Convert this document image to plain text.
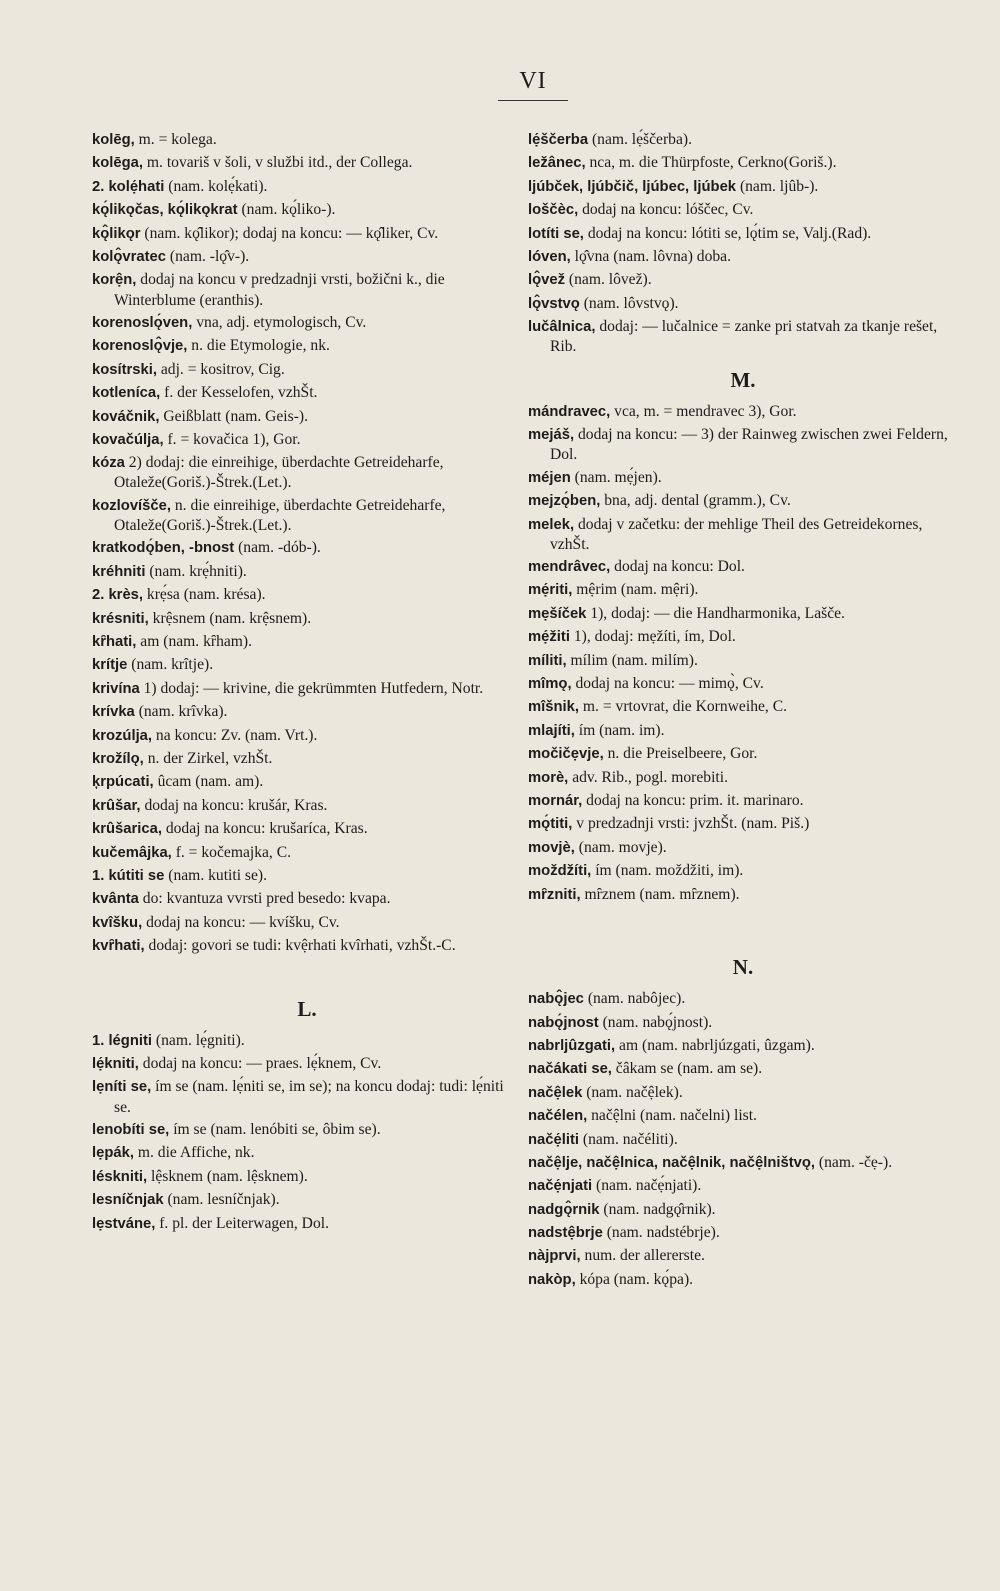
VI
kolēg, m. = kolega.
kolēga, m. tovariš v šoli, v službi itd., der Collega.
2. kolẹ́hati (nam. kolẹ́kati).
kǫ́likǫčas, kǫ́likǫkrat (nam. kǫ́liko-).
kǫ̂likǫr (nam. kǫ̂likor); dodaj na koncu: — kǫ̂liker, Cv.
kolǫ̂vratec (nam. -lǫ̂v-).
korện, dodaj na koncu v predzadnji vrsti, božični k., die Winterblume (eranthis).
korenoslǫ́ven, vna, adj. etymologisch, Cv.
korenoslǫ̂vje, n. die Etymologie, nk.
kosítrski, adj. = kositrov, Cig.
kotleníca, f. der Kesselofen, vzhŠt.
kováčnik, Geißblatt (nam. Geis-).
kovačúlja, f. = kovačica 1), Gor.
kóza 2) dodaj: die einreihige, überdachte Getreideharfe, Otaleže(Goriš.)-Štrek.(Let.).
kozlovíšče, n. die einreihige, überdachte Getreideharfe, Otaleže(Goriš.)-Štrek.(Let.).
kratkodǫ́ben, -bnost (nam. -dób-).
kréhniti (nam. krẹ́hniti).
2. krès, krẹ́sa (nam. krésa).
krésniti, krệsnem (nam. krệsnem).
kȓhati, am (nam. kȓham).
krítje (nam. krîtje).
krivína 1) dodaj: — krivine, die gekrümmten Hutfedern, Notr.
krívka (nam. krîvka).
krozúlja, na koncu: Zv. (nam. Vrt.).
krožílǫ, n. der Zirkel, vzhŠt.
ķrpúcati, ûcam (nam. am).
krûšar, dodaj na koncu: krušár, Kras.
krûšarica, dodaj na koncu: krušaríca, Kras.
kučemâjka, f. = kočemajka, C.
1. kútiti se (nam. kutiti se).
kvânta do: kvantuza vvrsti pred besedo: kvapa.
kvîšku, dodaj na koncu: — kvíšku, Cv.
kvȓhati, dodaj: govori se tudi: kvệrhati kvîrhati, vzhŠt.-C.
L.
1. légniti (nam. lẹ́gniti).
lẹ́kniti, dodaj na koncu: — praes. lẹ́knem, Cv.
lẹníti se, ím se (nam. lẹ́niti se, im se); na koncu dodaj: tudi: lẹ́niti se.
lenobíti se, ím se (nam. lenóbiti se, ôbim se).
lẹpák, m. die Affiche, nk.
léskniti, lệsknem (nam. lệsknem).
lesníčnjak (nam. lesníčnjak).
lẹstváne, f. pl. der Leiterwagen, Dol.
lẹ́ščerba (nam. lẹ́ščerba).
ležânec, nca, m. die Thürpfoste, Cerkno(Goriš.).
ljúbček, ljúbčič, ljúbec, ljúbek (nam. ljûb-).
loščèc, dodaj na koncu: lóščec, Cv.
lotíti se, dodaj na koncu: lótiti se, lǫ́tim se, Valj.(Rad).
lóven, lǫ̂vna (nam. lôvna) doba.
lǫ̂vež (nam. lôvež).
lǫ̂vstvǫ (nam. lôvstvǫ).
lučâlnica, dodaj: — lučalnice = zanke pri statvah za tkanje rešet, Rib.
M.
mándravec, vca, m. = mendravec 3), Gor.
mejáš, dodaj na koncu: — 3) der Rainweg zwischen zwei Feldern, Dol.
méjen (nam. mẹ́jen).
mejzǫ́ben, bna, adj. dental (gramm.), Cv.
melek, dodaj v začetku: der mehlige Theil des Getreidekornes, vzhŠt.
mendrâvec, dodaj na koncu: Dol.
mẹ́riti, mệrim (nam. mệri).
mẹšíček 1), dodaj: — die Handharmonika, Lašče.
mẹ́žiti 1), dodaj: mẹžíti, ím, Dol.
míliti, mílim (nam. milím).
mîmǫ, dodaj na koncu: — mimǫ̀, Cv.
mîšnik, m. = vrtovrat, die Kornweihe, C.
mlajíti, ím (nam. im).
močičẹvje, n. die Preiselbeere, Gor.
morè, adv. Rib., pogl. morebiti.
mornár, dodaj na koncu: prim. it. marinaro.
mǫ́titi, v predzadnji vrsti: jvzhŠt. (nam. Piš.)
movjè, (nam. movje).
moždžíti, ím (nam. moždžiti, im).
mȓzniti, mȓznem (nam. mȓznem).
N.
nabǫ̂jec (nam. nabôjec).
nabǫ́jnost (nam. nabǫ́jnost).
nabrljûzgati, am (nam. nabrljúzgati, ûzgam).
načákati se, čâkam se (nam. am se).
načệlek (nam. načệlek).
načélen, načệlni (nam. načelni) list.
načẹ́liti (nam. načéliti).
načệlje, načệlnica, načệlnik, načệlništvǫ, (nam. -čẹ-).
načẹ́njati (nam. načẹ́njati).
nadgǫ̂rnik (nam. nadgǫ̂rnik).
nadstệbrje (nam. nadstébrje).
nàjprvi, num. der allererste.
nakòp, kópa (nam. kǫ́pa).
